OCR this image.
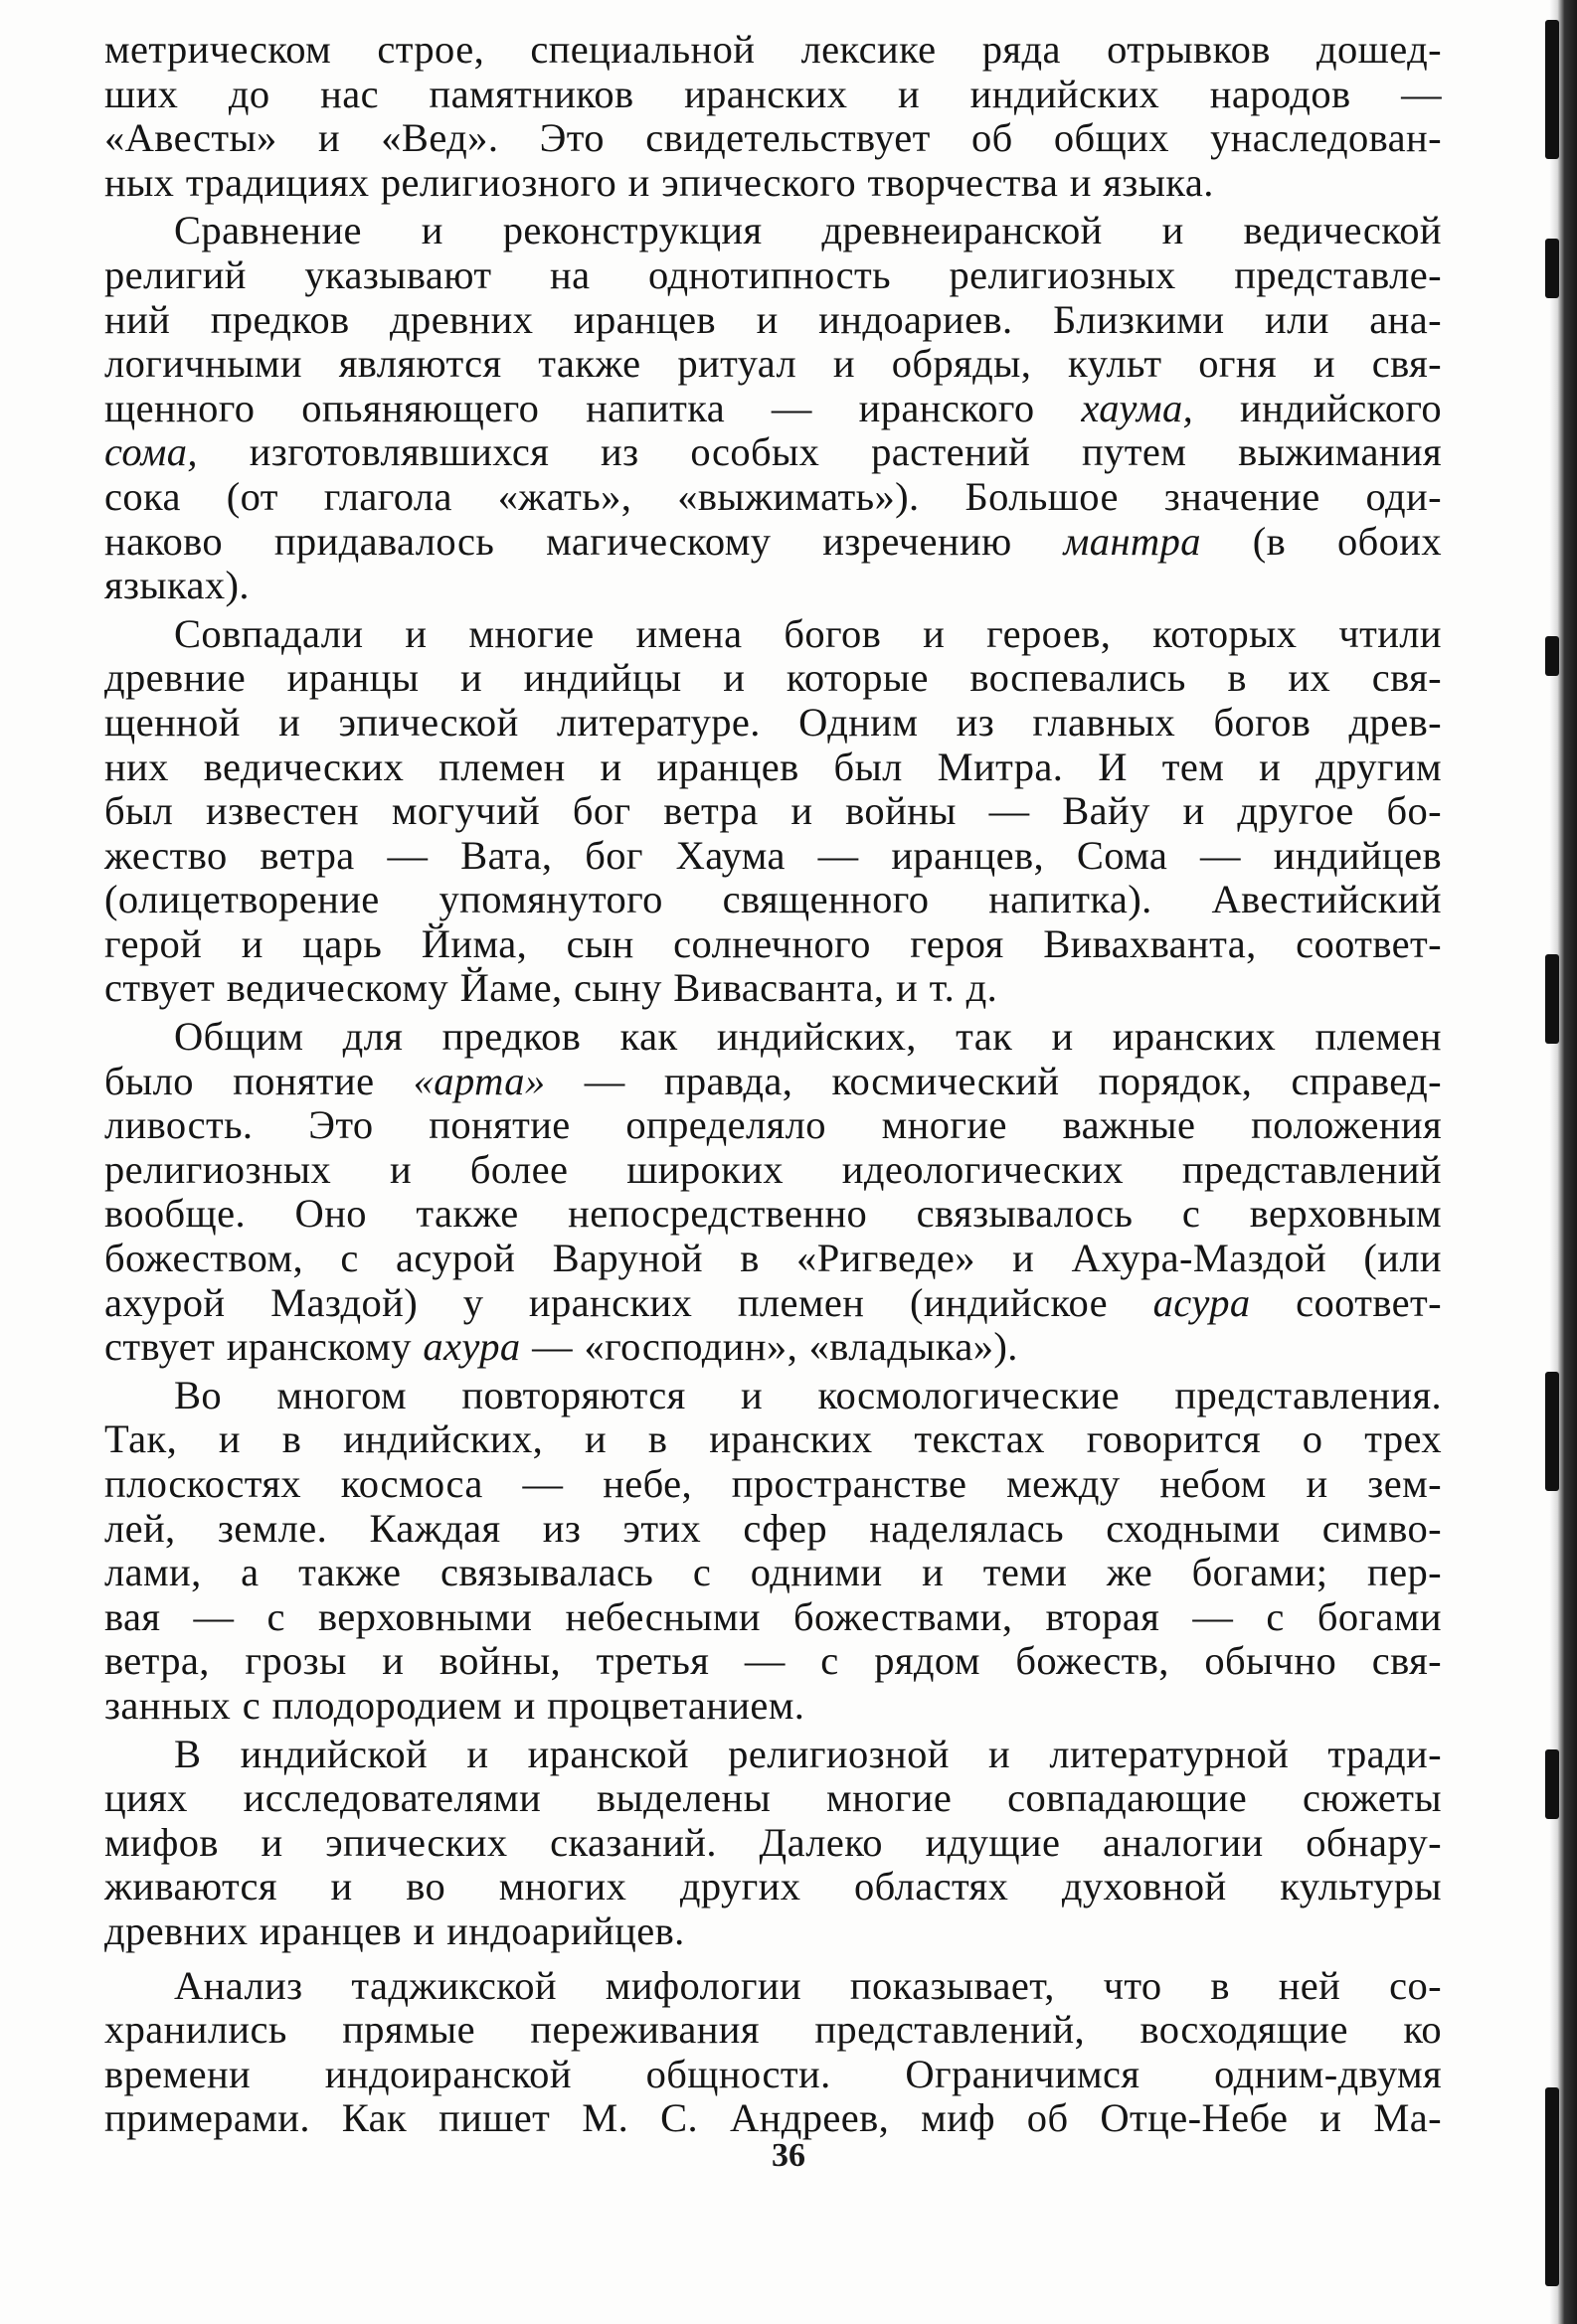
метрическом строе, специальной лексике ряда отрывков дошед-
ших до нас памятников иранских и индийских народов —
«Авесты» и «Вед». Это свидетельствует об общих унаследован-
ных традициях религиозного и эпического творчества и языка.
Сравнение и реконструкция древнеиранской и ведической
религий указывают на однотипность религиозных представле-
ний предков древних иранцев и индоариев. Близкими или ана-
логичными являются также ритуал и обряды, культ огня и свя-
щенного опьяняющего напитка — иранского хаума, индийского
сома, изготовлявшихся из особых растений путем выжимания
сока (от глагола «жать», «выжимать»). Большое значение оди-
наково придавалось магическому изречению мантра (в обоих
языках).
Совпадали и многие имена богов и героев, которых чтили
древние иранцы и индийцы и которые воспевались в их свя-
щенной и эпической литературе. Одним из главных богов древ-
них ведических племен и иранцев был Митра. И тем и другим
был известен могучий бог ветра и войны — Вайу и другое бо-
жество ветра — Вата, бог Хаума — иранцев, Сома — индийцев
(олицетворение упомянутого священного напитка). Авестийский
герой и царь Йима, сын солнечного героя Вивахванта, соответ-
ствует ведическому Йаме, сыну Вивасванта, и т. д.
Общим для предков как индийских, так и иранских племен
было понятие «арта» — правда, космический порядок, справед-
ливость. Это понятие определяло многие важные положения
религиозных и более широких идеологических представлений
вообще. Оно также непосредственно связывалось с верховным
божеством, с асурой Варуной в «Ригведе» и Ахура-Маздой (или
ахурой Маздой) у иранских племен (индийское асура соответ-
ствует иранскому ахура — «господин», «владыка»).
Во многом повторяются и космологические представления.
Так, и в индийских, и в иранских текстах говорится о трех
плоскостях космоса — небе, пространстве между небом и зем-
лей, земле. Каждая из этих сфер наделялась сходными симво-
лами, а также связывалась с одними и теми же богами; пер-
вая — с верховными небесными божествами, вторая — с богами
ветра, грозы и войны, третья — с рядом божеств, обычно свя-
занных с плодородием и процветанием.
В индийской и иранской религиозной и литературной тради-
циях исследователями выделены многие совпадающие сюжеты
мифов и эпических сказаний. Далеко идущие аналогии обнару-
живаются и во многих других областях духовной культуры
древних иранцев и индоарийцев.
Анализ таджикской мифологии показывает, что в ней со-
хранились прямые переживания представлений, восходящие ко
времени индоиранской общности. Ограничимся одним-двумя
примерами. Как пишет М. С. Андреев, миф об Отце-Небе и Ма-
36
